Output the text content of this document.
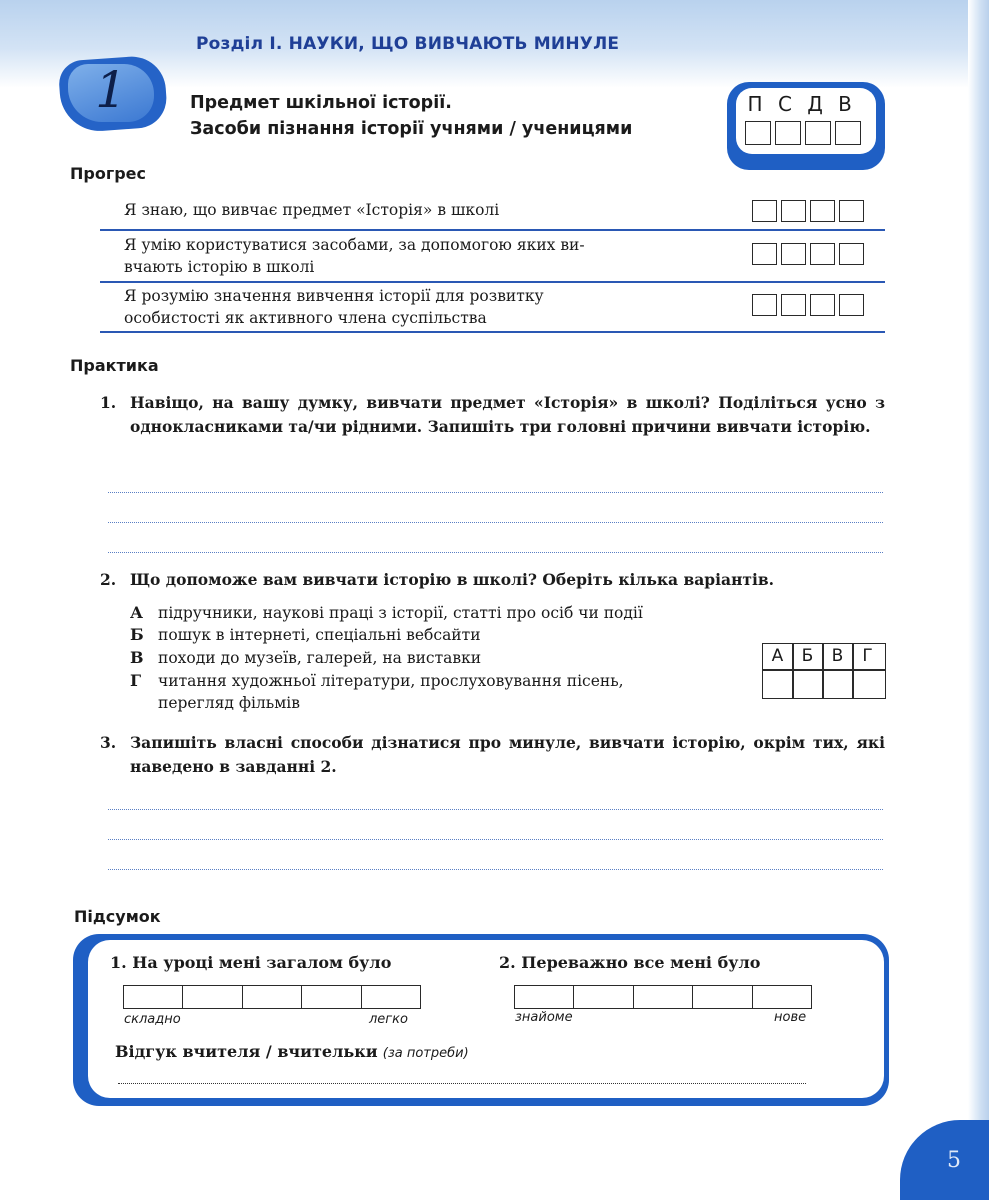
Розділ І. НАУКИ, ЩО ВИВЧАЮТЬ МИНУЛЕ
1	Предмет шкільної історії.
Засоби пізнання історії учнями / ученицями
П С Д В
Прогрес
Я знаю, що вивчає предмет «Історія» в школі
Я умію користуватися засобами, за допомогою яких ви-
вчають історію в школі
Я розумію значення вивчення історії для розвитку
особистості як активного члена суспільства
Практика
1. Навіщо, на вашу думку, вивчати предмет «Історія» в школі? Поділіться усно з однокласниками та/чи рідними. Запишіть три головні причини вивчати історію.
2. Що допоможе вам вивчати історію в школі? Оберіть кілька варіантів.
А підручники, наукові праці з історії, статті про осіб чи події
Б пошук в інтернеті, спеціальні вебсайти
В походи до музеїв, галерей, на виставки
Г читання художньої літератури, прослуховування пісень,
перегляд фільмів
А	Б	В	Г
3. Запишіть власні способи дізнатися про минуле, вивчати історію, окрім тих, які наведено в завданні 2.
Підсумок
1. На уроці мені загалом було
складно	легко
2. Переважно все мені було
знайоме	нове
Відгук вчителя / вчительки (за потреби)
5
